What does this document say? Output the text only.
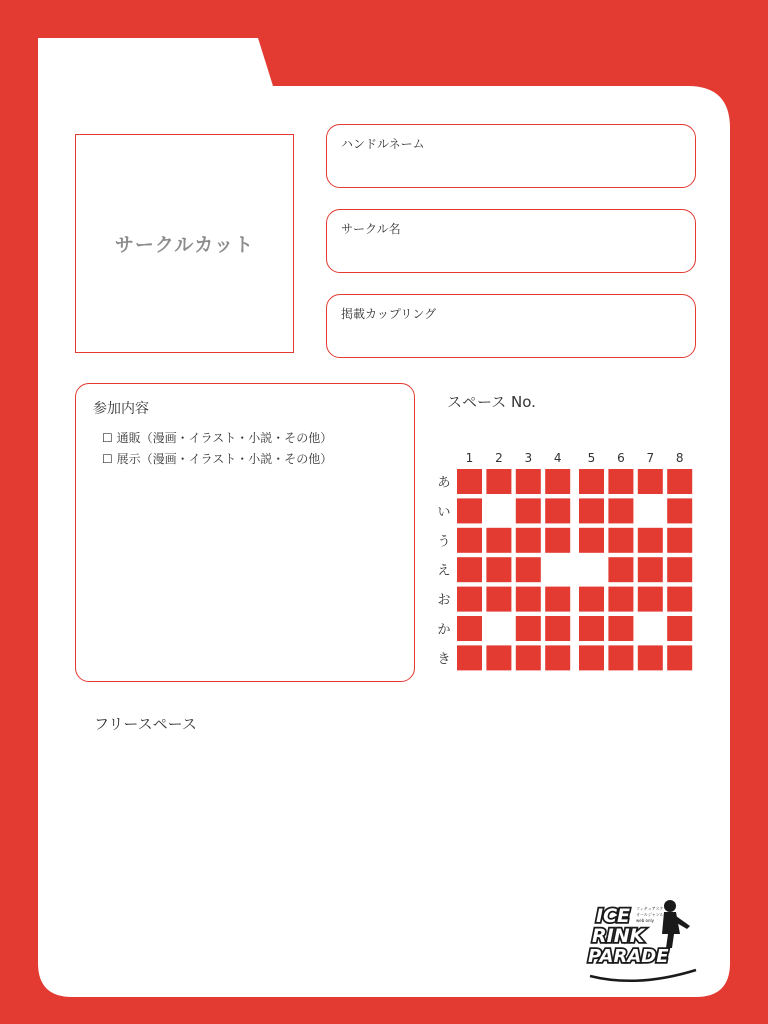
サークルカット
ハンドルネーム
サークル名
掲載カップリング
参加内容
☐ 通販（漫画・イラスト・小説・その他）
☐ 展示（漫画・イラスト・小説・その他）
スペース No.
1 2 3 4 5 6 7 8
あ
い
う
え
お
か
き
フリースペース
ICE
RINK
PARADE
フィギュアスケート
オールジャンル
web only
